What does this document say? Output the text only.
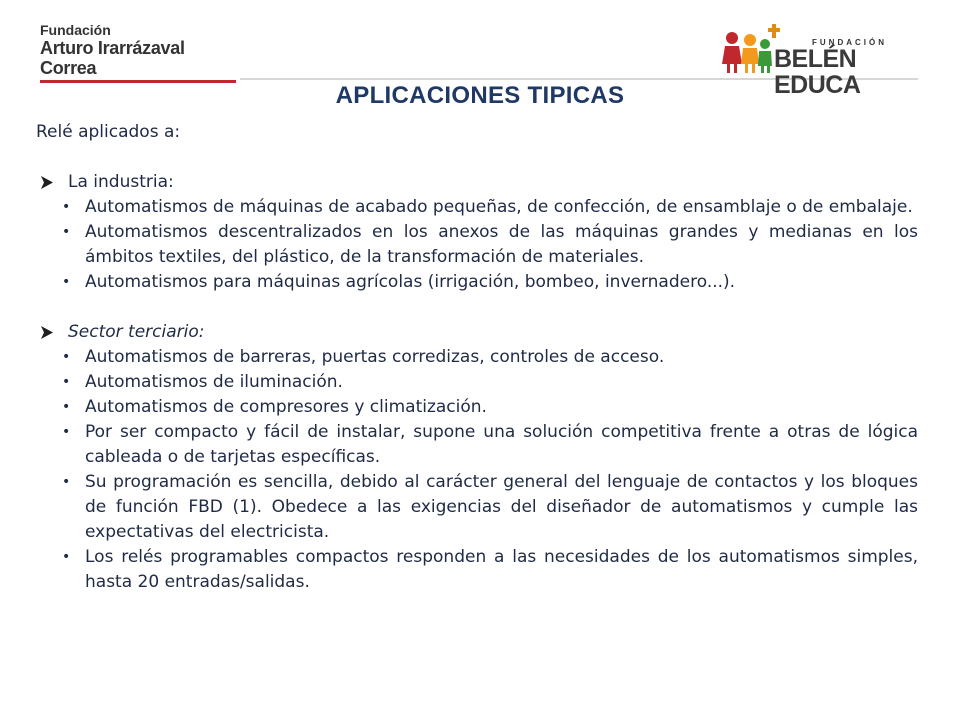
Fundación
Arturo Irarrázaval Correa
FUNDACIÓN
BELÉN EDUCA
APLICACIONES TIPICAS

Relé aplicados a:

La industria:

• Automatismos de máquinas de acabado pequeñas, de confección, de ensamblaje o de embalaje.
• Automatismos descentralizados en los anexos de las máquinas grandes y medianas en los ámbitos textiles, del plástico, de la transformación de materiales.
• Automatismos para máquinas agrícolas (irrigación, bombeo, invernadero...).

Sector terciario:

• Automatismos de barreras, puertas corredizas, controles de acceso.
• Automatismos de iluminación.
• Automatismos de compresores y climatización.
• Por ser compacto y fácil de instalar, supone una solución competitiva frente a otras de lógica cableada o de tarjetas específicas.
• Su programación es sencilla, debido al carácter general del lenguaje de contactos y los bloques de función FBD (1). Obedece a las exigencias del diseñador de automatismos y cumple las expectativas del electricista.
• Los relés programables compactos responden a las necesidades de los automatismos simples, hasta 20 entradas/salidas.
